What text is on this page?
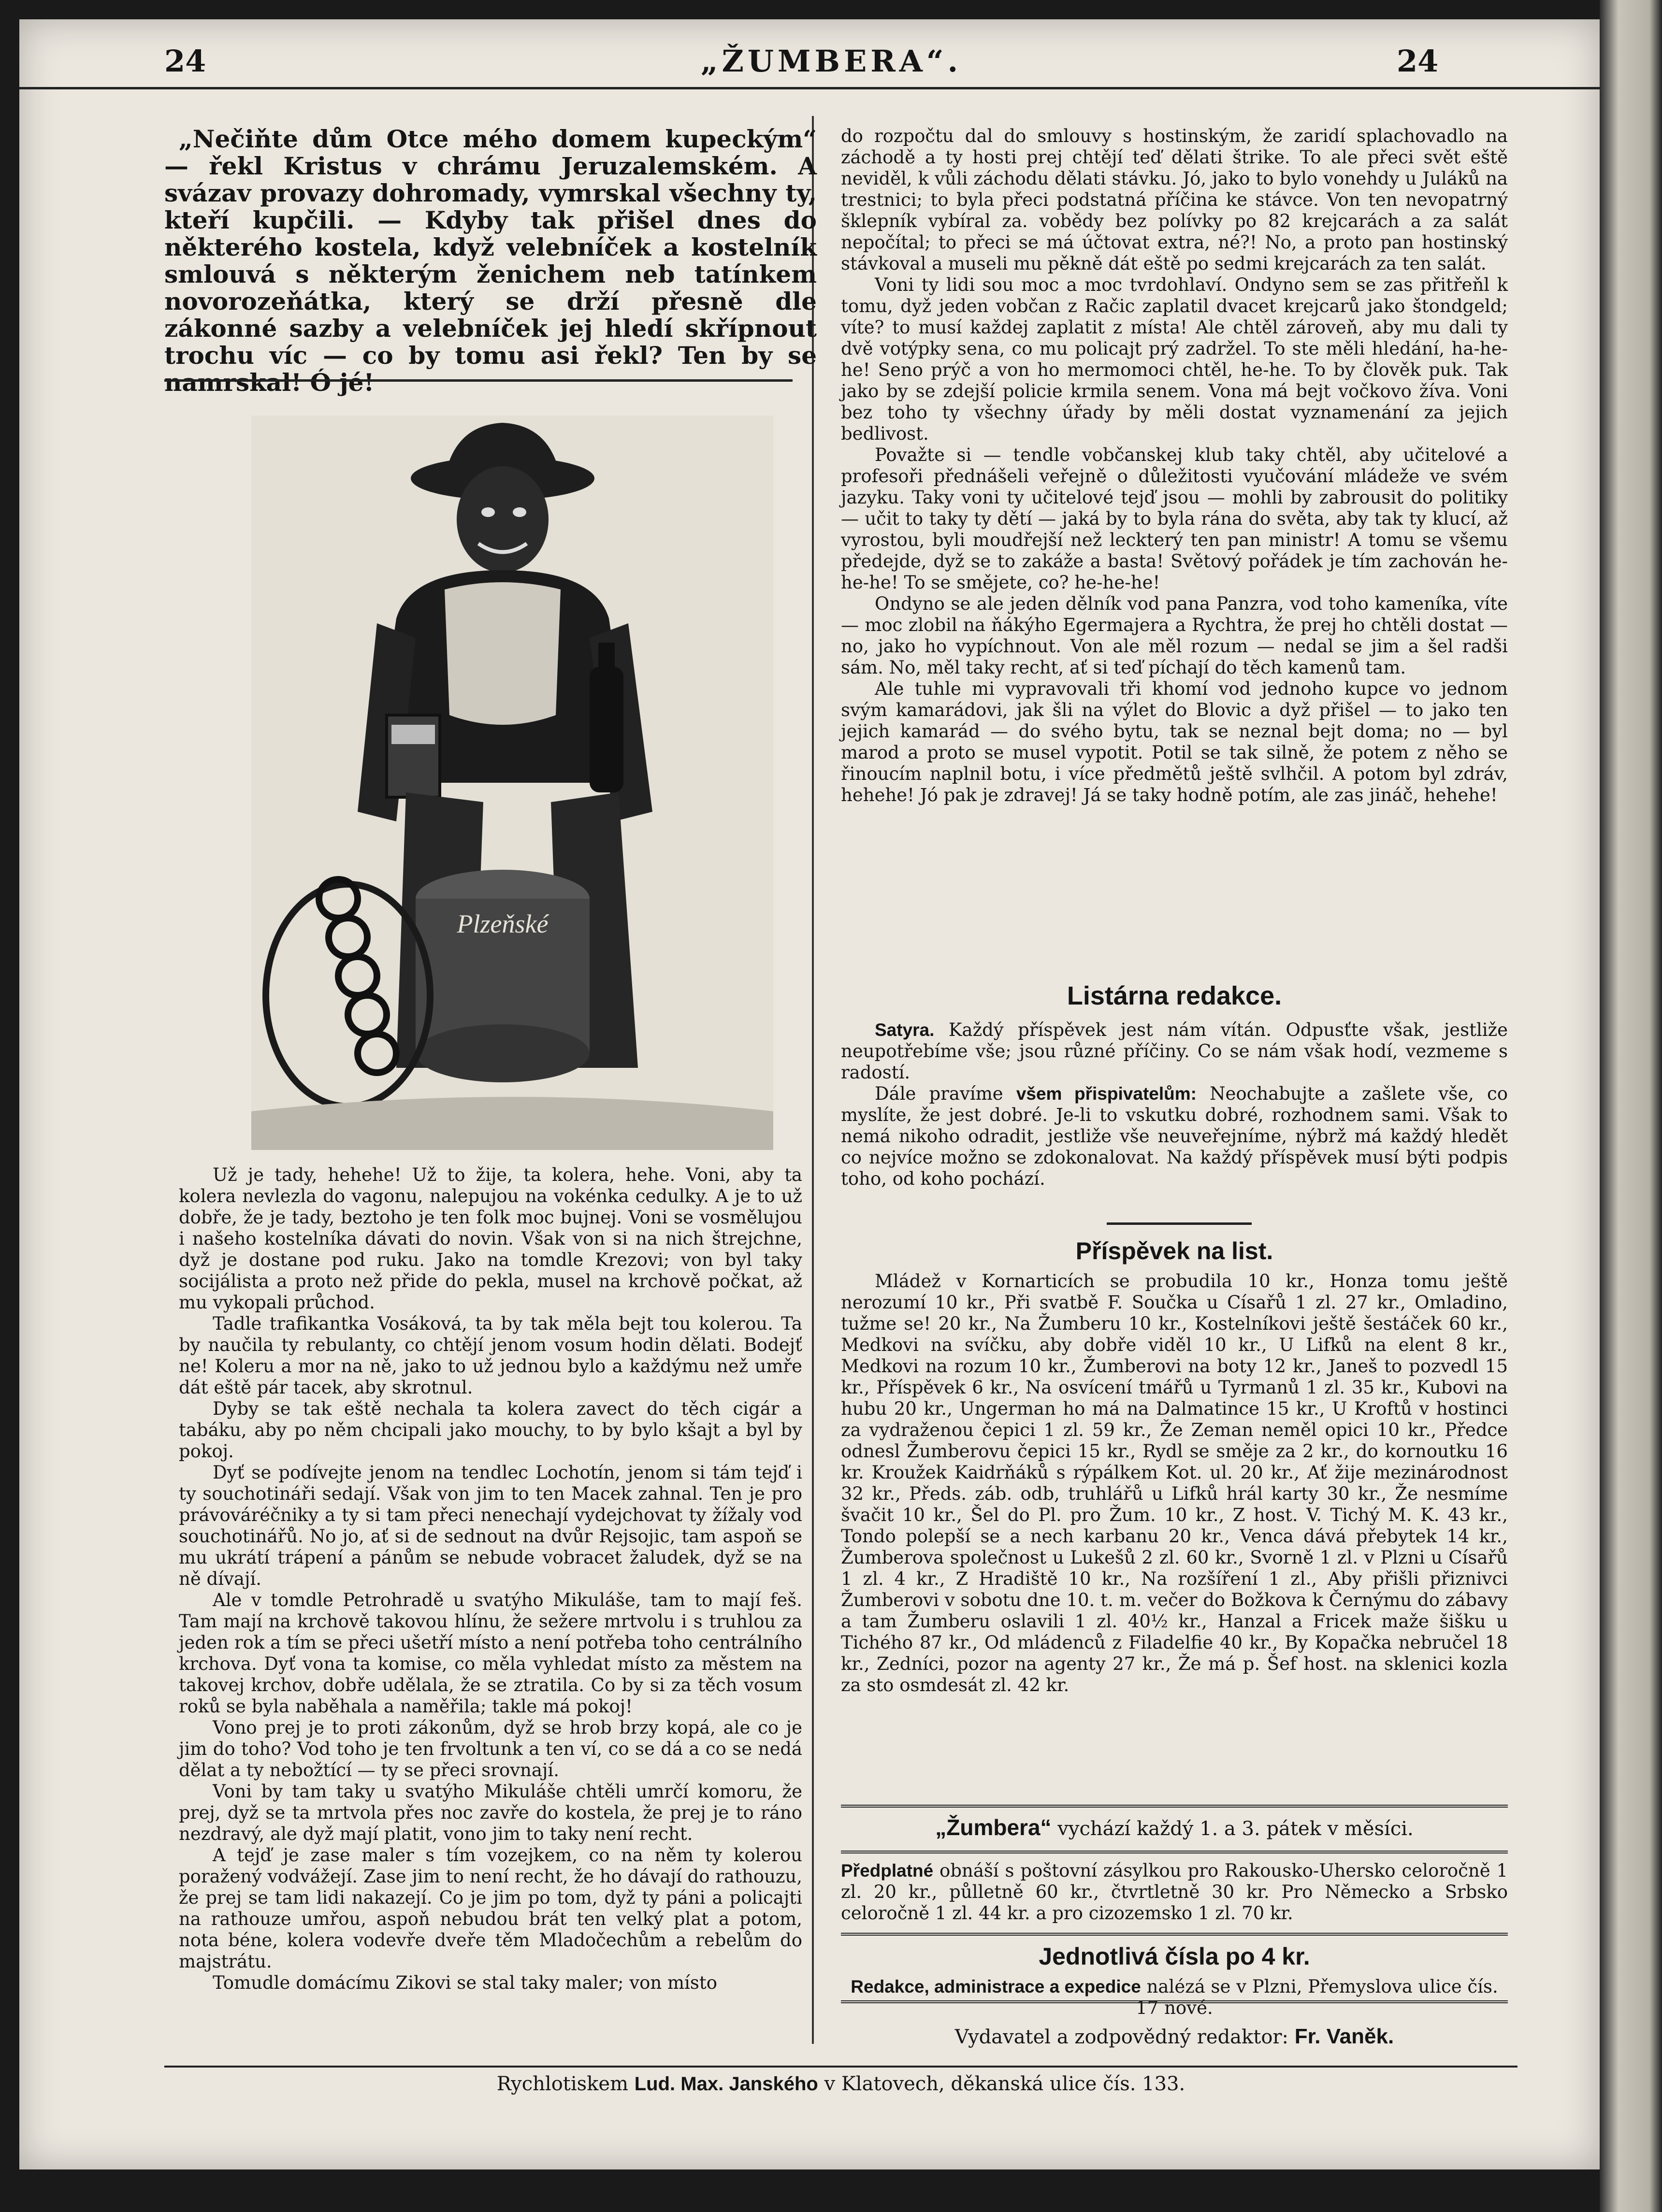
24	„ŽUMBERA“.	24

„Nečiňte dům Otce mého domem kupeckým“ — řekl Kristus v chrámu Jeruzalemském. A svázav provazy dohromady, vymrskal všechny ty, kteří kupčili. — Kdyby tak přišel dnes do některého kostela, když velebníček a kostelník smlouvá s některým ženichem neb tatínkem novorozeňátka, který se drží přesně dle zákonné sazby a velebníček jej hledí skřípnout trochu víc — co by tomu asi řekl? Ten by se namrskal! Ó jé!

Plzeňské

Už je tady, hehehe! Už to žije, ta kolera, hehe. Voni, aby ta kolera nevlezla do vagonu, nalepujou na vokénka cedulky. A je to už dobře, že je tady, beztoho je ten folk moc bujnej. Voni se vosmělujou i našeho kostelníka dávati do novin. Však von si na nich štrejchne, dyž je dostane pod ruku. Jako na tomdle Krezovi; von byl taky socijálista a proto než přide do pekla, musel na krchově počkat, až mu vykopali průchod.

Tadle trafikantka Vosáková, ta by tak měla bejt tou kolerou. Ta by naučila ty rebulanty, co chtějí jenom vosum hodin dělati. Bodejť ne! Koleru a mor na ně, jako to už jednou bylo a každýmu než umře dát eště pár tacek, aby skrotnul.

Dyby se tak eště nechala ta kolera zavect do těch cigár a tabáku, aby po něm chcipali jako mouchy, to by bylo kšajt a byl by pokoj.

Dyť se podívejte jenom na tendlec Lochotín, jenom si tám tejď i ty souchotináři sedají. Však von jim to ten Macek zahnal. Ten je pro právováréčniky a ty si tam přeci nenechají vydejchovat ty žížaly vod souchotinářů. No jo, ať si de sednout na dvůr Rejsojic, tam aspoň se mu ukrátí trápení a pánům se nebude vobracet žaludek, dyž se na ně dívají.

Ale v tomdle Petrohradě u svatýho Mikuláše, tam to mají feš. Tam mají na krchově takovou hlínu, že sežere mrtvolu i s truhlou za jeden rok a tím se přeci ušetří místo a není potřeba toho centrálního krchova. Dyť vona ta komise, co měla vyhledat místo za městem na takovej krchov, dobře udělala, že se ztratila. Co by si za těch vosum roků se byla naběhala a naměřila; takle má pokoj!

Vono prej je to proti zákonům, dyž se hrob brzy kopá, ale co je jim do toho? Vod toho je ten frvoltunk a ten ví, co se dá a co se nedá dělat a ty nebožtící — ty se přeci srovnají.

Voni by tam taky u svatýho Mikuláše chtěli umrčí komoru, že prej, dyž se ta mrtvola přes noc zavře do kostela, že prej je to ráno nezdravý, ale dyž mají platit, vono jim to taky není recht.

A tejď je zase maler s tím vozejkem, co na něm ty kolerou poražený vodvážejí. Zase jim to není recht, že ho dávají do rathouzu, že prej se tam lidi nakazejí. Co je jim po tom, dyž ty páni a policajti na rathouze umřou, aspoň nebudou brát ten velký plat a potom, nota béne, kolera vodevře dveře těm Mladočechům a rebelům do majstrátu.

Tomudle domácímu Zikovi se stal taky maler; von místo

do rozpočtu dal do smlouvy s hostinským, že zaridí splachovadlo na záchodě a ty hosti prej chtějí teď dělati štrike. To ale přeci svět eště neviděl, k vůli záchodu dělati stávku. Jó, jako to bylo vonehdy u Juláků na trestnici; to byla přeci podstatná příčina ke stávce. Von ten nevopatrný šklepník vybíral za. vobědy bez polívky po 82 krejcarách a za salát nepočítal; to přeci se má účtovat extra, né?! No, a proto pan hostinský stávkoval a museli mu pěkně dát eště po sedmi krejcarách za ten salát.

Voni ty lidi sou moc a moc tvrdohlaví. Ondyno sem se zas přitřeňl k tomu, dyž jeden vobčan z Račic zaplatil dvacet krejcarů jako štondgeld; víte? to musí každej zaplatit z místa! Ale chtěl zároveň, aby mu dali ty dvě votýpky sena, co mu policajt prý zadržel. To ste měli hledání, ha-he-he! Seno prýč a von ho mermomoci chtěl, he-he. To by člověk puk. Tak jako by se zdejší policie krmila senem. Vona má bejt vočkovo žíva. Voni bez toho ty všechny úřady by měli dostat vyznamenání za jejich bedlivost.

Považte si — tendle vobčanskej klub taky chtěl, aby učitelové a profesoři přednášeli veřejně o důležitosti vyučování mládeže ve svém jazyku. Taky voni ty učitelové tejď jsou — mohli by zabrousit do politiky — učit to taky ty dětí — jaká by to byla rána do světa, aby tak ty klucí, až vyrostou, byli moudřejší než leckterý ten pan ministr! A tomu se všemu předejde, dyž se to zakáže a basta! Světový pořádek je tím zachován he-he-he! To se smějete, co? he-he-he!

Ondyno se ale jeden dělník vod pana Panzra, vod toho kameníka, víte — moc zlobil na ňákýho Egermajera a Rychtra, že prej ho chtěli dostat — no, jako ho vypíchnout. Von ale měl rozum — nedal se jim a šel radši sám. No, měl taky recht, ať si teď píchají do těch kamenů tam.

Ale tuhle mi vypravovali tři khomí vod jednoho kupce vo jednom svým kamarádovi, jak šli na výlet do Blovic a dyž přišel — to jako ten jejich kamarád — do svého bytu, tak se neznal bejt doma; no — byl marod a proto se musel vypotit. Potil se tak silně, že potem z něho se řinoucím naplnil botu, i více předmětů ještě svlhčil. A potom byl zdráv, hehehe! Jó pak je zdravej! Já se taky hodně potím, ale zas jináč, hehehe!

Listárna redakce.

Satyra. Každý příspěvek jest nám vítán. Odpusťte však, jestliže neupotřebíme vše; jsou různé příčiny. Co se nám však hodí, vezmeme s radostí.

Dále pravíme všem přispivatelům: Neochabujte a zašlete vše, co myslíte, že jest dobré. Je-li to vskutku dobré, rozhodnem sami. Však to nemá nikoho odradit, jestliže vše neuveřejníme, nýbrž má každý hledět co nejvíce možno se zdokonalovat. Na každý příspěvek musí býti podpis toho, od koho pochází.

Příspěvek na list.

Mládež v Kornarticích se probudila 10 kr., Honza tomu ještě nerozumí 10 kr., Při svatbě F. Součka u Císařů 1 zl. 27 kr., Omladino, tužme se! 20 kr., Na Žumberu 10 kr., Kostelníkovi ještě šestáček 60 kr., Medkovi na svíčku, aby dobře viděl 10 kr., U Lifků na elent 8 kr., Medkovi na rozum 10 kr., Žumberovi na boty 12 kr., Janeš to pozvedl 15 kr., Příspěvek 6 kr., Na osvícení tmářů u Tyrmanů 1 zl. 35 kr., Kubovi na hubu 20 kr., Ungerman ho má na Dalmatince 15 kr., U Kroftů v hostinci za vydraženou čepici 1 zl. 59 kr., Že Zeman neměl opici 10 kr., Předce odnesl Žumberovu čepici 15 kr., Rydl se směje za 2 kr., do kornoutku 16 kr. Kroužek Kaidrňáků s rýpálkem Kot. ul. 20 kr., Ať žije mezinárodnost 32 kr., Předs. záb. odb, truhlářů u Lifků hrál karty 30 kr., Že nesmíme švačit 10 kr., Šel do Pl. pro Žum. 10 kr., Z host. V. Tichý M. K. 43 kr., Tondo polepší se a nech karbanu 20 kr., Venca dává přebytek 14 kr., Žumberova společnost u Lukešů 2 zl. 60 kr., Svorně 1 zl. v Plzni u Císařů 1 zl. 4 kr., Z Hradiště 10 kr., Na rozšíření 1 zl., Aby přišli přiznivci Žumberovi v sobotu dne 10. t. m. večer do Božkova k Černýmu do zábavy a tam Žumberu oslavili 1 zl. 40½ kr., Hanzal a Fricek maže šišku u Tichého 87 kr., Od mládenců z Filadelfie 40 kr., By Kopačka nebručel 18 kr., Zedníci, pozor na agenty 27 kr., Že má p. Šef host. na sklenici kozla za sto osmdesát zl. 42 kr.

„Žumbera“ vychází každý 1. a 3. pátek v měsíci.

Předplatné obnáší s poštovní zásylkou pro Rakousko-Uhersko celoročně 1 zl. 20 kr., půlletně 60 kr., čtvrtletně 30 kr. Pro Německo a Srbsko celoročně 1 zl. 44 kr. a pro cizozemsko 1 zl. 70 kr.

Jednotlivá čísla po 4 kr.

Redakce, administrace a expedice nalézá se v Plzni, Přemyslova ulice čís. 17 nové.

Vydavatel a zodpovědný redaktor: Fr. Vaněk.
Rychlotiskem Lud. Max. Janského v Klatovech, děkanská ulice čís. 133.
